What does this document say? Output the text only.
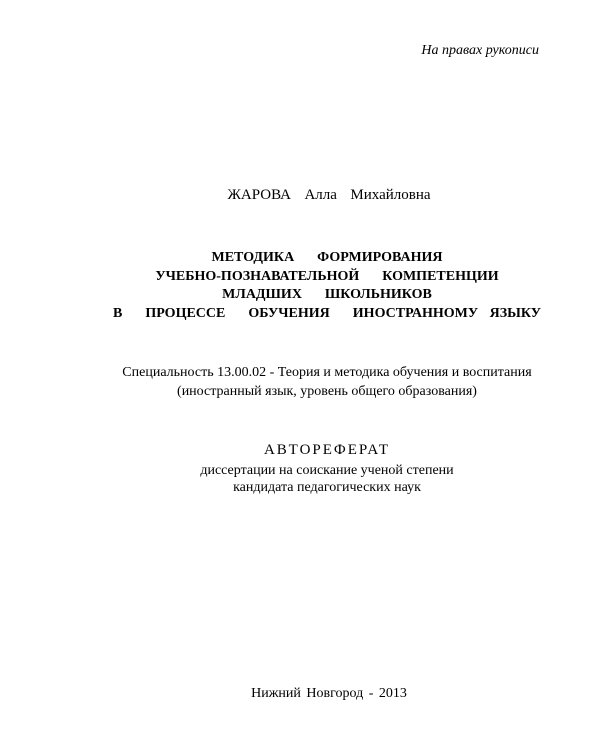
На правах рукописи
ЖАРОВА  Алла  Михайловна
МЕТОДИКА  ФОРМИРОВАНИЯ
УЧЕБНО-ПОЗНАВАТЕЛЬНОЙ  КОМПЕТЕНЦИИ
МЛАДШИХ  ШКОЛЬНИКОВ
В  ПРОЦЕССЕ  ОБУЧЕНИЯ  ИНОСТРАННОМУ ЯЗЫКУ
Специальность 13.00.02 - Теория и методика обучения и воспитания
(иностранный язык, уровень общего образования)
АВТОРЕФЕРАТ
диссертации на соискание ученой степени
кандидата педагогических наук
Нижний Новгород - 2013
